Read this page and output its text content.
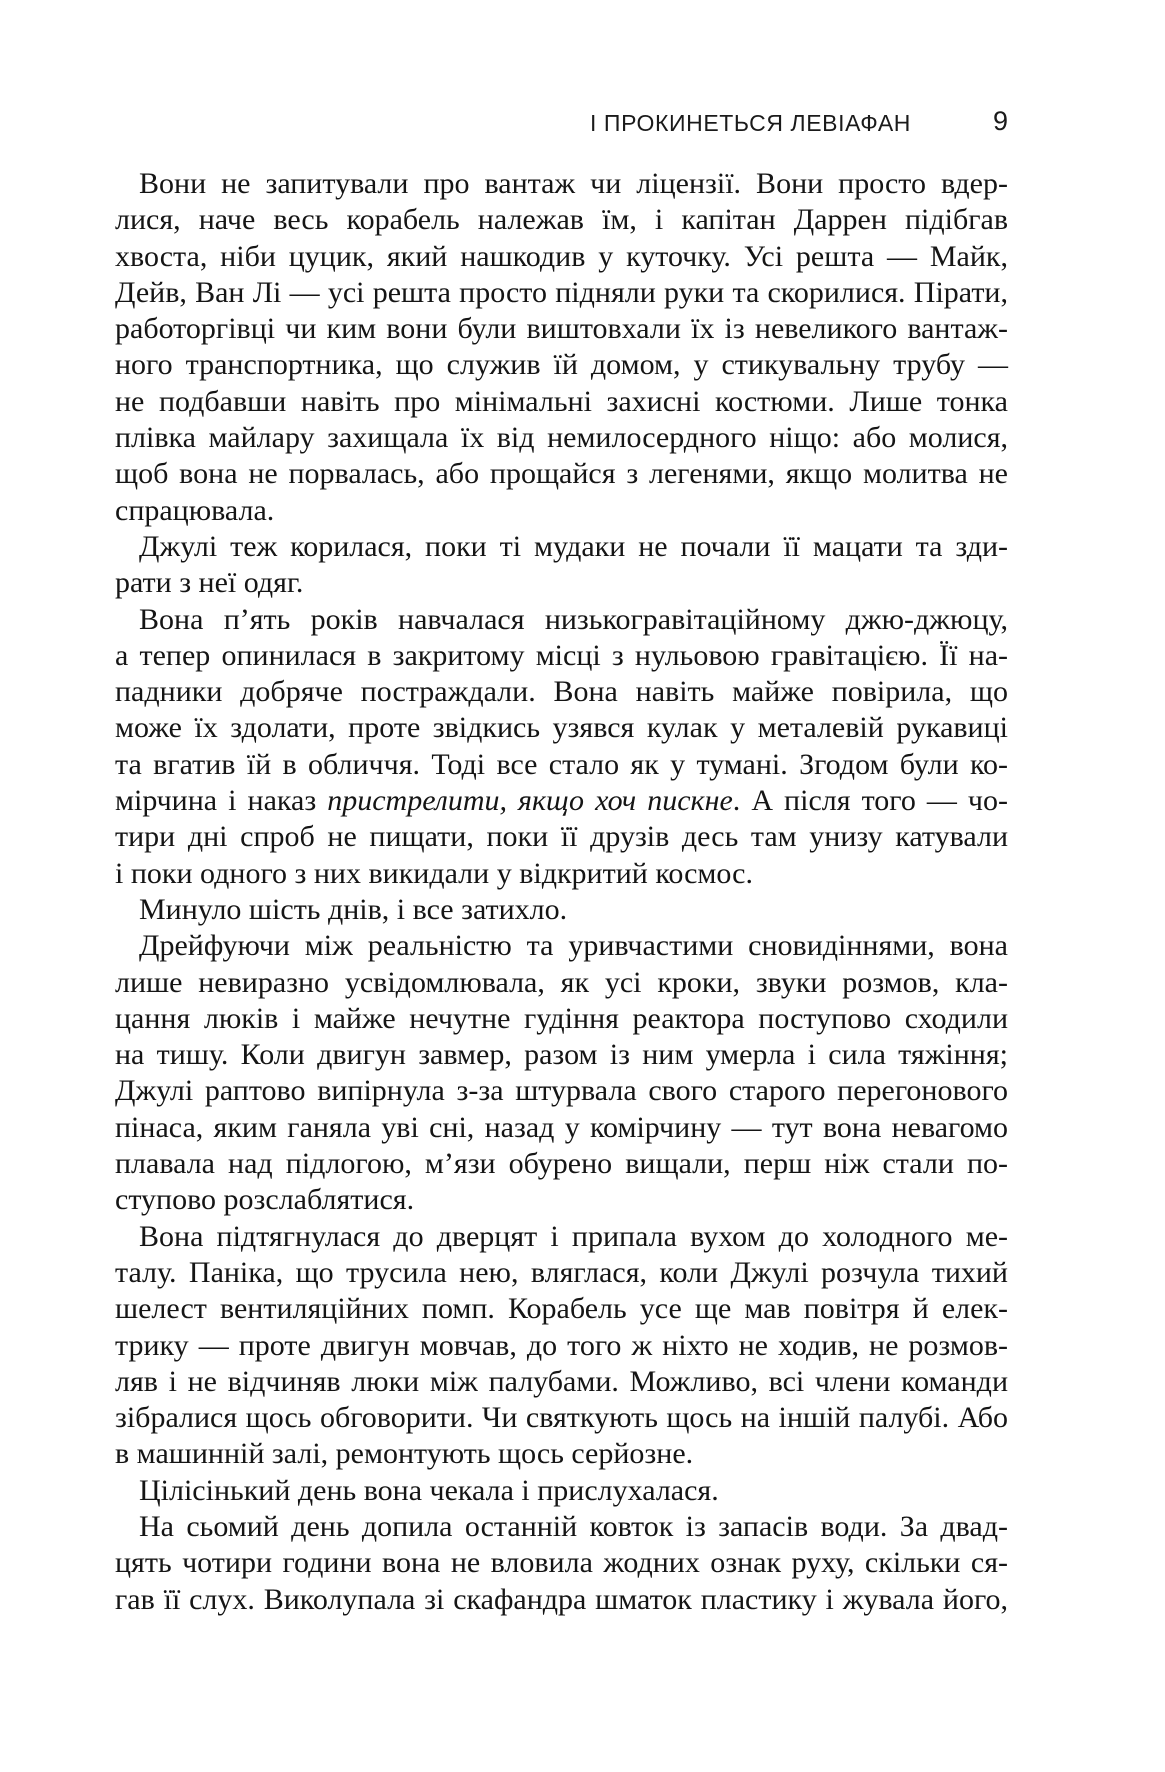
І ПРОКИНЕТЬСЯ ЛЕВІАФАН	9
Вони не запитували про вантаж чи ліцензії. Вони просто вдер-
лися, наче весь корабель належав їм, і капітан Даррен підібгав
хвоста, ніби цуцик, який нашкодив у куточку. Усі решта — Майк,
Дейв, Ван Лі — усі решта просто підняли руки та скорилися. Пірати,
работоргівці чи ким вони були виштовхали їх із невеликого вантаж-
ного транспортника, що служив їй домом, у стикувальну трубу —
не подбавши навіть про мінімальні захисні костюми. Лише тонка
плівка майлару захищала їх від немилосердного ніщо: або молися,
щоб вона не порвалась, або прощайся з легенями, якщо молитва не
спрацювала.
Джулі теж корилася, поки ті мудаки не почали її мацати та зди-
рати з неї одяг.
Вона п’ять років навчалася низькогравітаційному джю-джюцу,
а тепер опинилася в закритому місці з нульовою гравітацією. Її на-
падники добряче постраждали. Вона навіть майже повірила, що
може їх здолати, проте звідкись узявся кулак у металевій рукавиці
та вгатив їй в обличчя. Тоді все стало як у тумані. Згодом були ко-
мірчина і наказ пристрелити, якщо хоч пискне. А після того — чо-
тири дні спроб не пищати, поки її друзів десь там унизу катували
і поки одного з них викидали у відкритий космос.
Минуло шість днів, і все затихло.
Дрейфуючи між реальністю та уривчастими сновидіннями, вона
лише невиразно усвідомлювала, як усі кроки, звуки розмов, кла-
цання люків і майже нечутне гудіння реактора поступово сходили
на тишу. Коли двигун завмер, разом із ним умерла і сила тяжіння;
Джулі раптово випірнула з-за штурвала свого старого перегонового
пінаса, яким ганяла уві сні, назад у комірчину — тут вона невагомо
плавала над підлогою, м’язи обурено вищали, перш ніж стали по-
ступово розслаблятися.
Вона підтягнулася до дверцят і припала вухом до холодного ме-
талу. Паніка, що трусила нею, вляглася, коли Джулі розчула тихий
шелест вентиляційних помп. Корабель усе ще мав повітря й елек-
трику — проте двигун мовчав, до того ж ніхто не ходив, не розмов-
ляв і не відчиняв люки між палубами. Можливо, всі члени команди
зібралися щось обговорити. Чи святкують щось на іншій палубі. Або
в машинній залі, ремонтують щось серйозне.
Цілісінький день вона чекала і прислухалася.
На сьомий день допила останній ковток із запасів води. За двад-
цять чотири години вона не вловила жодних ознак руху, скільки ся-
гав її слух. Виколупала зі скафандра шматок пластику і жувала його,
